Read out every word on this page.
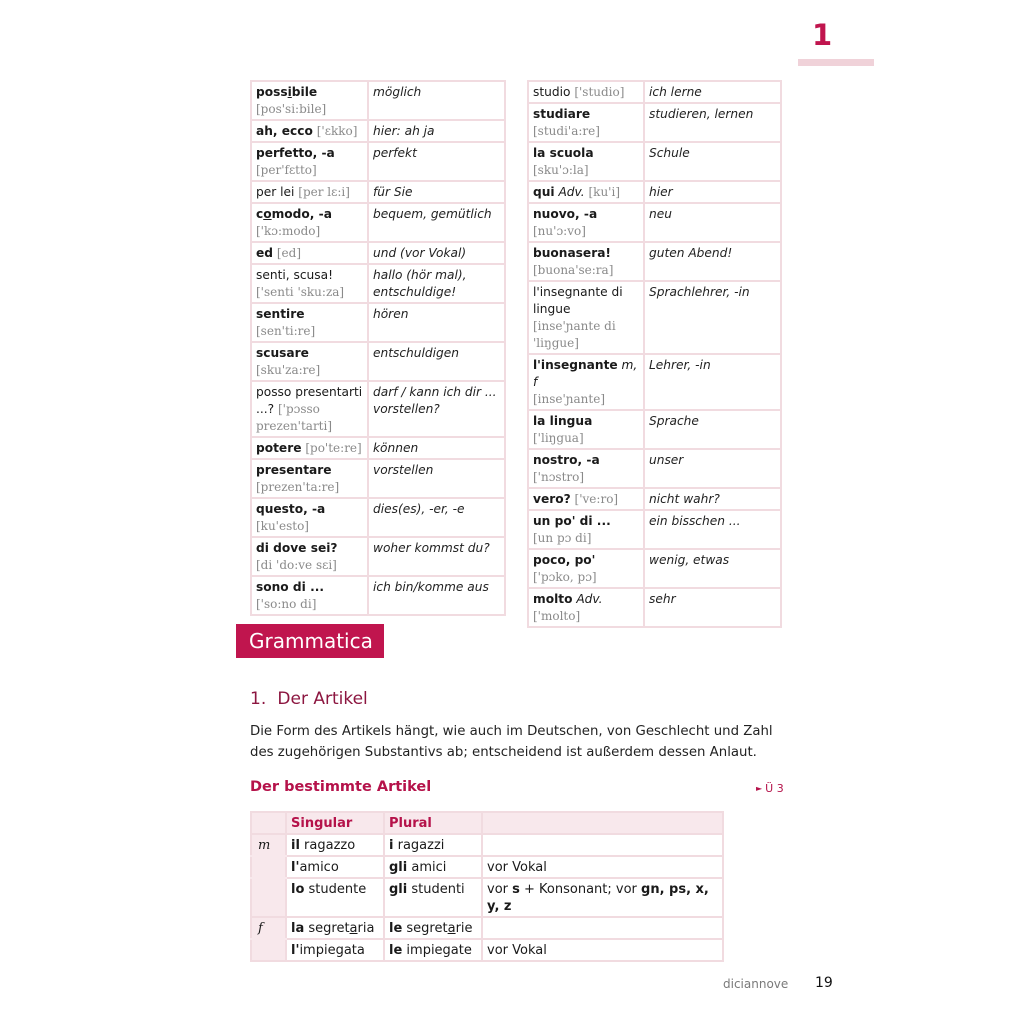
1
possibile
[pos'si:bile]	möglich
ah, ecco ['ɛkko]	hier: ah ja
perfetto, -a
[per'fɛtto]	perfekt
per lei [per lɛ:i]	für Sie
comodo, -a
['kɔ:modo]	bequem, gemütlich
ed [ed]	und (vor Vokal)
senti, scusa!
['senti 'sku:za]	hallo (hör mal), entschuldige!
sentire [sen'ti:re]	hören
scusare
[sku'za:re]	entschuldigen
posso presentarti ...? ['pɔsso prezen'tarti]	darf / kann ich dir ... vorstellen?
potere [po'te:re]	können
presentare
[prezen'ta:re]	vorstellen
questo, -a
[ku'esto]	dies(es), -er, -e
di dove sei?
[di 'do:ve sɛi]	woher kommst du?
sono di ...
['so:no di]	ich bin/komme aus
studio ['studio]	ich lerne
studiare
[studi'a:re]	studieren, lernen
la scuola
[sku'ɔ:la]	Schule
qui Adv. [ku'i]	hier
nuovo, -a
[nu'ɔ:vo]	neu
buonasera!
[buona'se:ra]	guten Abend!
l'insegnante di lingue
[inse'ɲante di 'liŋgue]	Sprachlehrer, -in
l'insegnante m, f
[inse'ɲante]	Lehrer, -in
la lingua ['liŋgua]	Sprache
nostro, -a
['nɔstro]	unser
vero? ['ve:ro]	nicht wahr?
un po' di ...
[un pɔ di]	ein bisschen ...
poco, po'
['pɔko, pɔ]	wenig, etwas
molto Adv.
['molto]	sehr
Grammatica
1. Der Artikel
Die Form des Artikels hängt, wie auch im Deutschen, von Geschlecht und Zahl des zugehörigen Substantivs ab; entscheidend ist außerdem dessen Anlaut.
Der bestimmte Artikel	► Ü 3
	Singular	Plural	
m	il ragazzo	i ragazzi	
	l'amico	gli amici	vor Vokal
	lo studente	gli studenti	vor s + Konsonant; vor gn, ps, x, y, z
f	la segretaria	le segretarie	
	l'impiegata	le impiegate	vor Vokal
diciannove 19
